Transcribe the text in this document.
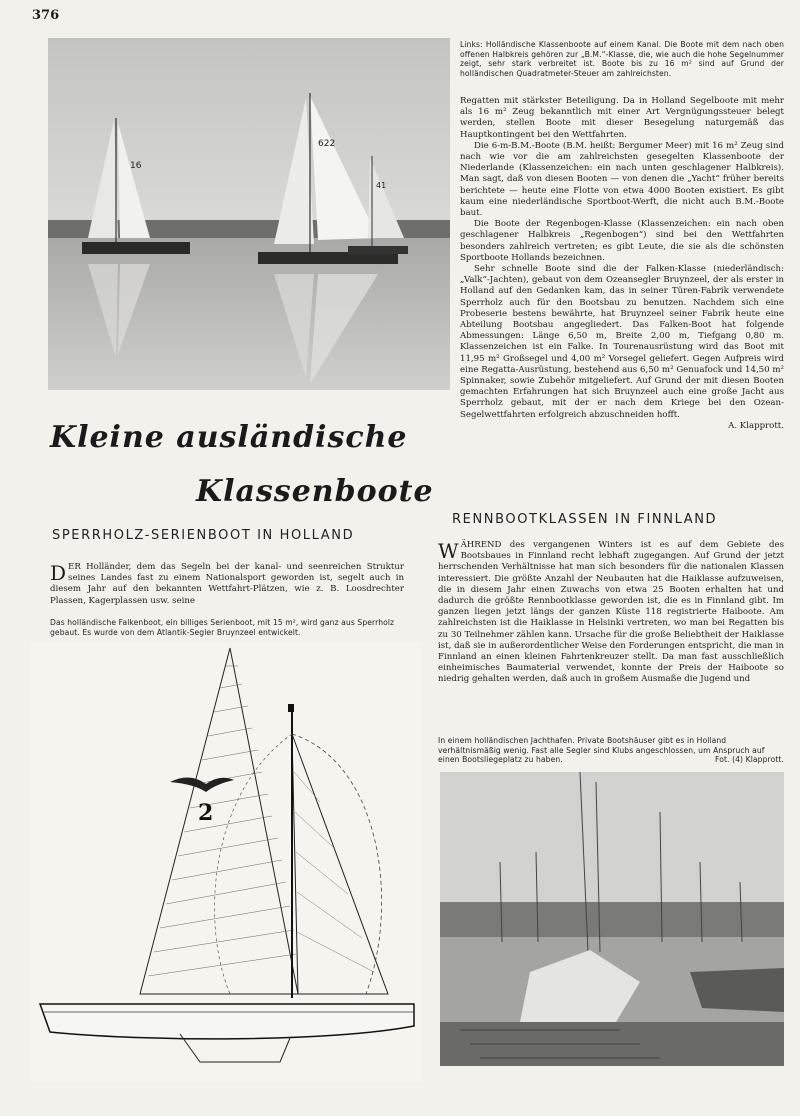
376
16
622
41
Links: Holländische Klassenboote auf einem Kanal. Die Boote mit dem nach oben offenen Halbkreis gehören zur „B.M.“-Klasse, die, wie auch die hohe Segelnummer zeigt, sehr stark verbreitet ist. Boote bis zu 16 m² sind auf Grund der holländischen Quadratmeter-Steuer am zahlreichsten.

Regatten mit stärkster Beteiligung. Da in Holland Segelboote mit mehr als 16 m² Zeug bekanntlich mit einer Art Vergnügungssteuer belegt werden, stellen Boote mit dieser Besegelung naturgemäß das Hauptkontingent bei den Wettfahrten.

Die 6-m-B.M.-Boote (B.M. heißt: Bergumer Meer) mit 16 m² Zeug sind nach wie vor die am zahlreichsten gesegelten Klassenboote der Niederlande (Klassenzeichen: ein nach unten geschlagener Halbkreis). Man sagt, daß von diesen Booten — von denen die „Yacht“ früher bereits berichtete — heute eine Flotte von etwa 4000 Booten existiert. Es gibt kaum eine niederländische Sportboot-Werft, die nicht auch B.M.-Boote baut.

Die Boote der Regenbogen-Klasse (Klassenzeichen: ein nach oben geschlagener Halbkreis „Regenbogen“) sind bei den Wettfahrten besonders zahlreich vertreten; es gibt Leute, die sie als die schönsten Sportboote Hollands bezeichnen.

Sehr schnelle Boote sind die der Falken-Klasse (niederländisch: „Valk“-Jachten), gebaut von dem Ozeansegler Bruynzeel, der als erster in Holland auf den Gedanken kam, das in seiner Türen-Fabrik verwendete Sperrholz auch für den Bootsbau zu benutzen. Nachdem sich eine Probeserie bestens bewährte, hat Bruynzeel seiner Fabrik heute eine Abteilung Bootsbau angegliedert. Das Falken-Boot hat folgende Abmessungen: Länge 6,50 m, Breite 2,00 m, Tiefgang 0,80 m. Klassenzeichen ist ein Falke. In Tourenausrüstung wird das Boot mit 11,95 m² Großsegel und 4,00 m² Vorsegel geliefert. Gegen Aufpreis wird eine Regatta-Ausrüstung, bestehend aus 6,50 m² Genuafock und 14,50 m² Spinnaker, sowie Zubehör mitgeliefert. Auf Grund der mit diesen Booten gemachten Erfahrungen hat sich Bruynzeel auch eine große Jacht aus Sperrholz gebaut, mit der er nach dem Kriege bei den Ozean-Segelwettfahrten erfolgreich abzuschneiden hofft.

A. Klapprott.
Kleine ausländische
Klassenboote
SPERRHOLZ-SERIENBOOT IN HOLLAND
D ER Holländer, dem das Segeln bei der kanal- und seenreichen Struktur seines Landes fast zu einem Nationalsport geworden ist, segelt auch in diesem Jahr auf den bekannten Wettfahrt-Plätzen, wie z. B. Loosdrechter Plassen, Kagerplassen usw. seine
Das holländische Falkenboot, ein billiges Serienboot, mit 15 m², wird ganz aus Sperrholz gebaut. Es wurde von dem Atlantik-Segler Bruynzeel entwickelt.
2
RENNBOOTKLASSEN IN FINNLAND
W ÄHREND des vergangenen Winters ist es auf dem Gebiete des Bootsbaues in Finnland recht lebhaft zugegangen. Auf Grund der jetzt herrschenden Verhältnisse hat man sich besonders für die nationalen Klassen interessiert. Die größte Anzahl der Neubauten hat die Haiklasse aufzuweisen, die in diesem Jahr einen Zuwachs von etwa 25 Booten erhalten hat und dadurch die größte Rennbootklasse geworden ist, die es in Finnland gibt. Im ganzen liegen jetzt längs der ganzen Küste 118 registrierte Haiboote. Am zahlreichsten ist die Haiklasse in Helsinki vertreten, wo man bei Regatten bis zu 30 Teilnehmer zählen kann. Ursache für die große Beliebtheit der Haiklasse ist, daß sie in außerordentlicher Weise den Forderungen entspricht, die man in Finnland an einen kleinen Fahrtenkreuzer stellt. Da man fast ausschließlich einheimisches Baumaterial verwendet, konnte der Preis der Haiboote so niedrig gehalten werden, daß auch in großem Ausmaße die Jugend und
In einem holländischen Jachthafen. Private Bootshäuser gibt es in Holland verhältnismäßig wenig. Fast alle Segler sind Klubs angeschlossen, um Anspruch auf einen Bootsliegeplatz zu haben.	Fot. (4) Klapprott.
